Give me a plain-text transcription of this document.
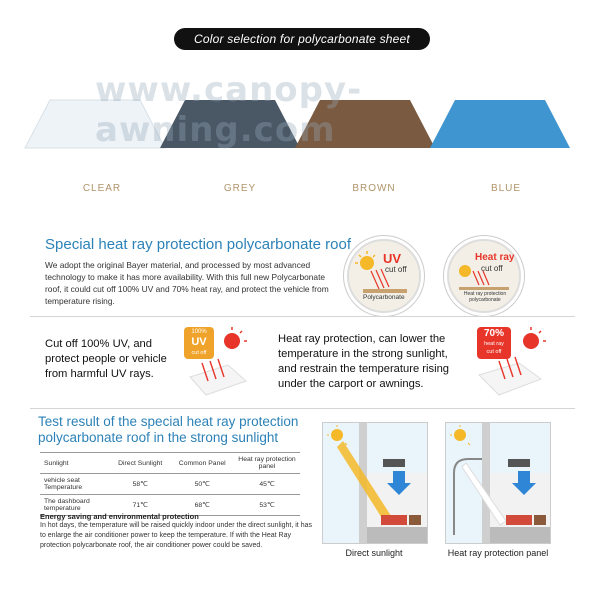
Color selection for polycarbonate sheet
www.canopy-awning.com
CLEAR	GREY	BROWN	BLUE
Special heat ray protection polycarbonate roof
We adopt the original Bayer material, and processed by most advanced technology to make it has more availability. With this full new Polycarbonate roof, it could cut off 100% UV and 70% heat ray, and protect the vehicle from temperature rising.
UV
cut off
Polycarbonate
Heat ray
cut off
Heat ray protection polycarbonate
Cut off 100% UV, and protect people or vehicle from harmful UV rays.
100%
UV
cut off
Heat ray protection, can lower the temperature in the strong sunlight, and restrain the temperature rising under the carport or awnings.
70%
heat ray
cut off
Test result of the special heat ray protection
polycarbonate roof in the strong sunlight
Sunlight	Direct Sunlight	Common Panel	Heat ray protection panel
vehicle seat Temperature	58℃	50℃	45℃
The dashboard temperature	71℃	68℃	53℃
Energy saving and environmental protection
In hot days, the temperature will be raised quickly indoor under the direct sunlight, it has to enlarge the air conditioner power to keep the temperature. If with the Heat Ray protection polycarbonate roof, the air conditioner power could be saved.
Direct sunlight	Heat ray protection panel
